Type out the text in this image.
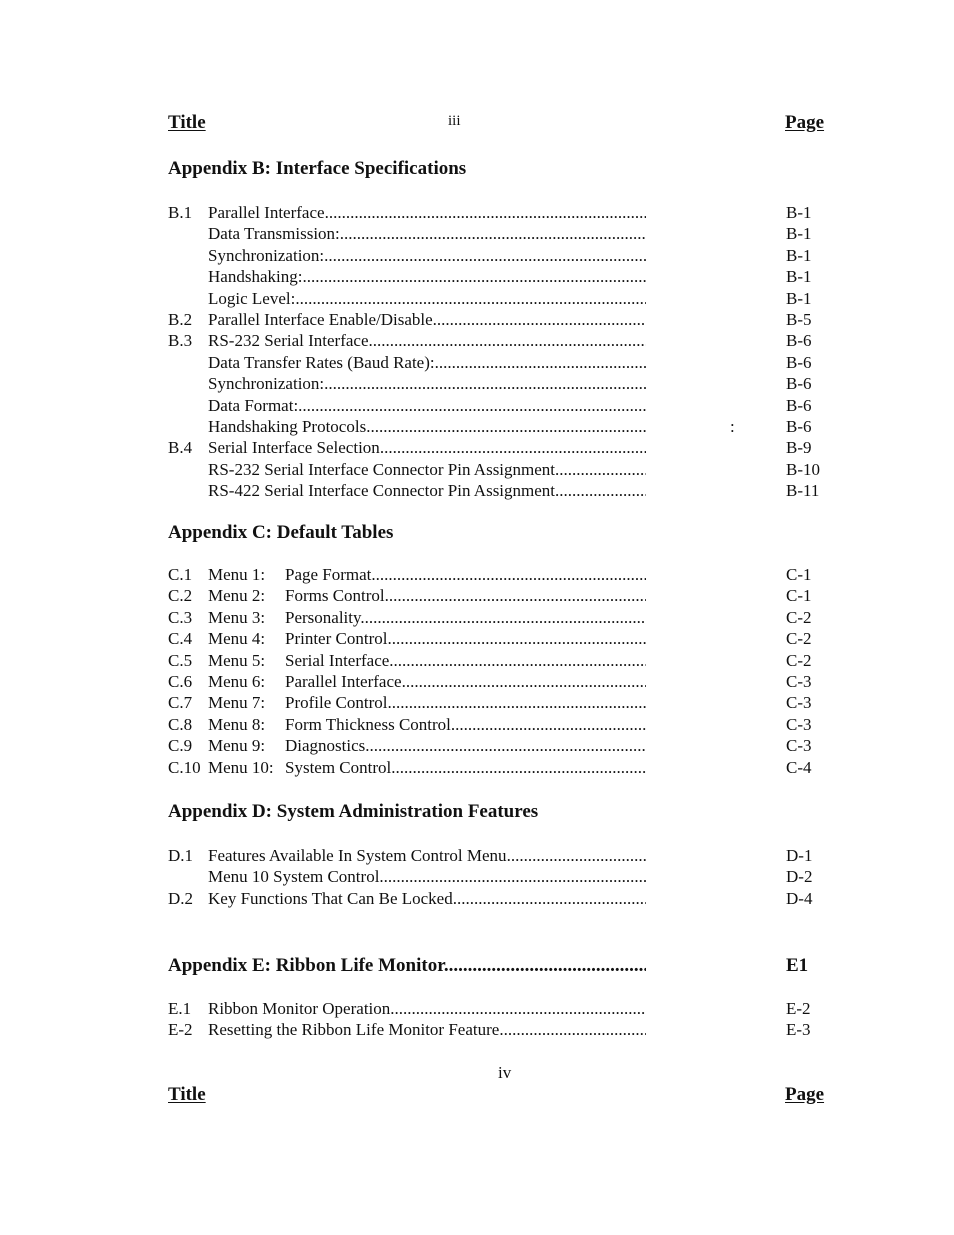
Title	iii	Page
Appendix B: Interface Specifications
B.1 Parallel Interface .....	B-1
Data Transmission: .....	B-1
Synchronization: .....	B-1
Handshaking: .....	B-1
Logic Level: .....	B-1
B.2 Parallel Interface Enable/Disable .....	B-5
B.3 RS-232 Serial Interface .....	B-6
Data Transfer Rates (Baud Rate): .....	B-6
Synchronization: .....	B-6
Data Format: .....	B-6
Handshaking Protocols .....	:	B-6
B.4 Serial Interface Selection .....	B-9
RS-232 Serial Interface Connector Pin Assignment .....	B-10
RS-422 Serial Interface Connector Pin Assignment .....	B-11
Appendix C: Default Tables
C.1 Menu 1: Page Format .....	C-1
C.2 Menu 2: Forms Control .....	C-1
C.3 Menu 3: Personality .....	C-2
C.4 Menu 4: Printer Control .....	C-2
C.5 Menu 5: Serial Interface .....	C-2
C.6 Menu 6: Parallel Interface .....	C-3
C.7 Menu 7: Profile Control .....	C-3
C.8 Menu 8: Form Thickness Control .....	C-3
C.9 Menu 9: Diagnostics .....	C-3
C.10 Menu 10: System Control .....	C-4
Appendix D: System Administration Features
D.1 Features Available In System Control Menu .....	D-1
Menu 10 System Control .....	D-2
D.2 Key Functions That Can Be Locked .....	D-4
Appendix E: Ribbon Life Monitor .....	E1
E.1 Ribbon Monitor Operation .....	E-2
E-2 Resetting the Ribbon Life Monitor Feature .....	E-3
iv
Title	Page
